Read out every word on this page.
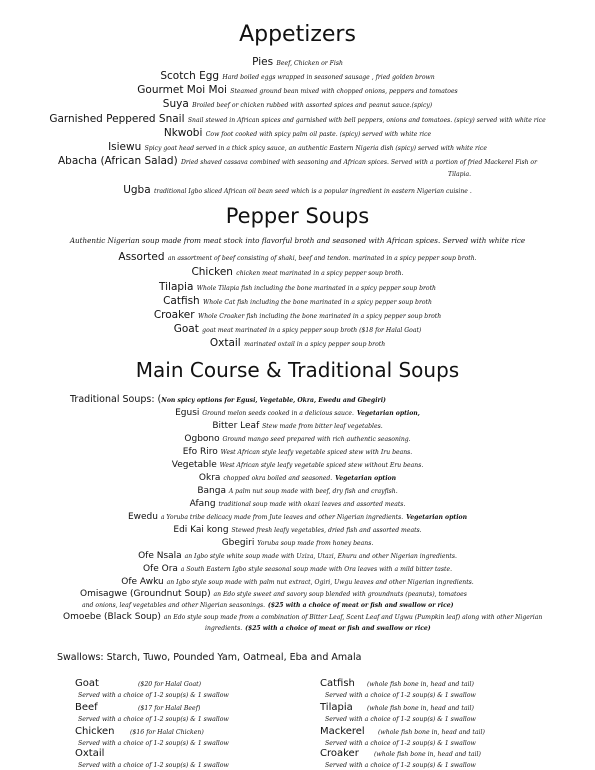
Appetizers
Pies Beef, Chicken or Fish
Scotch Egg Hard boiled eggs wrapped in seasoned sausage , fried golden brown
Gourmet Moi Moi Steamed ground bean mixed with chopped onions, peppers and tomatoes
Suya Broiled beef or chicken rubbed with assorted spices and peanut sauce.(spicy)
Garnished Peppered Snail Snail stewed in African spices and garnished with bell peppers, onions and tomatoes. (spicy) served with white rice
Nkwobi Cow foot cooked with spicy palm oil paste. (spicy) served with white rice
Isiewu Spicy goat head served in a thick spicy sauce, an authentic Eastern Nigeria dish (spicy) served with white rice
Abacha (African Salad) Dried shaved cassava combined with seasoning and African spices. Served with a portion of fried Mackerel Fish or
Tilapia.
Ugba traditional Igbo sliced African oil bean seed which is a popular ingredient in eastern Nigerian cuisine .
Pepper Soups
Authentic Nigerian soup made from meat stock into flavorful broth and seasoned with African spices. Served with white rice
Assorted an assortment of beef consisting of shaki, beef and tendon. marinated in a spicy pepper soup broth.
Chicken chicken meat marinated in a spicy pepper soup broth.
Tilapia Whole Tilapia fish including the bone marinated in a spicy pepper soup broth
Catfish Whole Cat fish including the bone marinated in a spicy pepper soup broth
Croaker Whole Croaker fish including the bone marinated in a spicy pepper soup broth
Goat goat meat marinated in a spicy pepper soup broth ($18 for Halal Goat)
Oxtail marinated oxtail in a spicy pepper soup broth
Main Course & Traditional Soups
Traditional Soups: (Non spicy options for Egusi, Vegetable, Okra, Ewedu and Gbegiri)
Egusi Ground melon seeds cooked in a delicious sauce. Vegetarian option,
Bitter Leaf Stew made from bitter leaf vegetables.
Ogbono Ground mango seed prepared with rich authentic seasoning.
Efo Riro West African style leafy vegetable spiced stew with Iru beans.
Vegetable West African style leafy vegetable spiced stew without Eru beans.
Okra chopped okra boiled and seasoned. Vegetarian option
Banga A palm nut soup made with beef, dry fish and crayfish.
Afang traditional soup made with okazi leaves and assorted meats.
Ewedu a Yoruba tribe delicacy made from Jute leaves and other Nigerian ingredients. Vegetarian option
Edi Kai kong Stewed fresh leafy vegetables, dried fish and assorted meats.
Gbegiri Yoruba soup made from honey beans.
Ofe Nsala an Igbo style white soup made with Uziza, Utazi, Ehuru and other Nigerian ingredients.
Ofe Ora a South Eastern Igbo style seasonal soup made with Ora leaves with a mild bitter taste.
Ofe Awku an Igbo style soup made with palm nut extract, Ogiri, Uwgu leaves and other Nigerian ingredients.
Omisagwe (Groundnut Soup) an Edo style sweet and savory soup blended with groundnuts (peanuts), tomatoes
and onions, leaf vegetables and other Nigerian seasonings. ($25 with a choice of meat or fish and swallow or rice)
Omoebe (Black Soup) an Edo style soup made from a combination of Bitter Leaf, Scent Leaf and Ugwu (Pumpkin leaf) along with other Nigerian
ingredients. ($25 with a choice of meat or fish and swallow or rice)
Swallows: Starch, Tuwo, Pounded Yam, Oatmeal, Eba and Amala
Goat	($20 for Halal Goat)
Served with a choice of 1-2 soup(s) & 1 swallow
Beef	($17 for Halal Beef)
Served with a choice of 1-2 soup(s) & 1 swallow
Chicken ($16 for Halal Chicken)
Served with a choice of 1-2 soup(s) & 1 swallow
Oxtail
Served with a choice of 1-2 soup(s) & 1 swallow
Catfish (whole fish bone in, head and tail)
Served with a choice of 1-2 soup(s) & 1 swallow
Tilapia (whole fish bone in, head and tail)
Served with a choice of 1-2 soup(s) & 1 swallow
Mackerel (whole fish bone in, head and tail)
Served with a choice of 1-2 soup(s) & 1 swallow
Croaker (whole fish bone in, head and tail)
Served with a choice of 1-2 soup(s) & 1 swallow
